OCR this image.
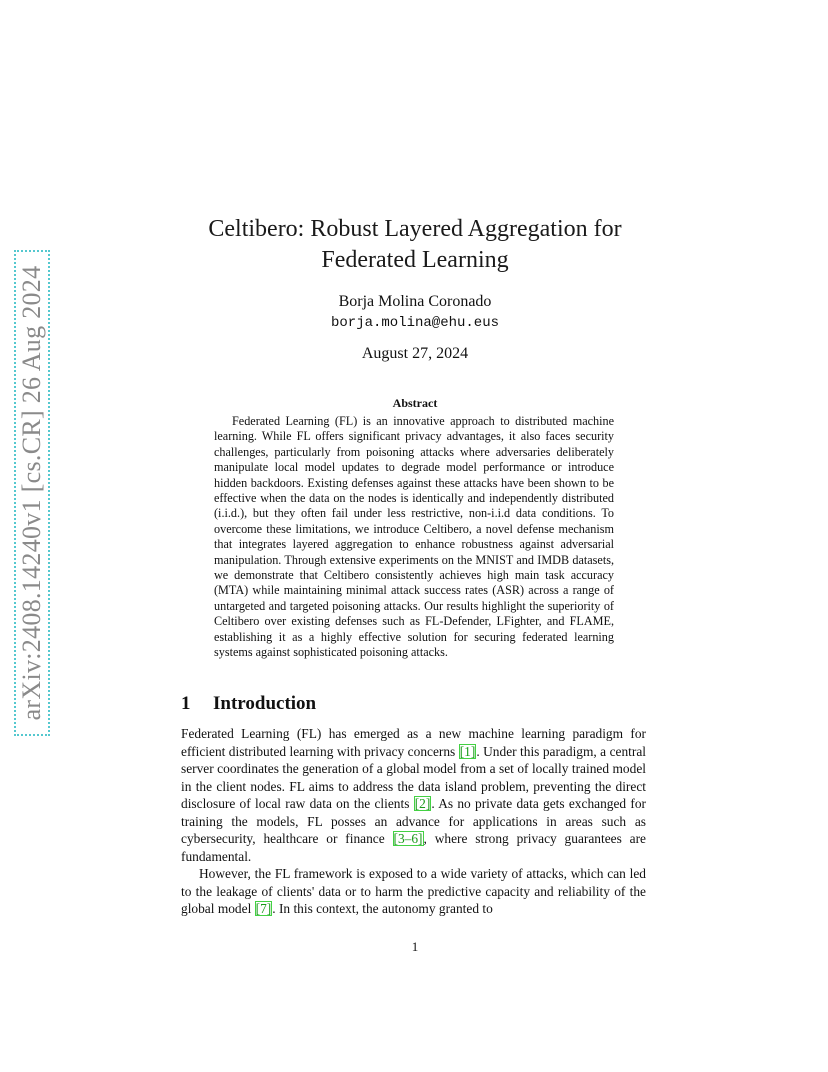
arXiv:2408.14240v1 [cs.CR] 26 Aug 2024
Celtibero: Robust Layered Aggregation for
Federated Learning
Borja Molina Coronado
borja.molina@ehu.eus
August 27, 2024
Abstract
Federated Learning (FL) is an innovative approach to distributed machine learning. While FL offers significant privacy advantages, it also faces security challenges, particularly from poisoning attacks where adversaries deliberately manipulate local model updates to degrade model performance or introduce hidden backdoors. Existing defenses against these attacks have been shown to be effective when the data on the nodes is identically and independently distributed (i.i.d.), but they often fail under less restrictive, non-i.i.d data conditions. To overcome these limitations, we introduce Celtibero, a novel defense mechanism that integrates layered aggregation to enhance robustness against adversarial manipulation. Through extensive experiments on the MNIST and IMDB datasets, we demonstrate that Celtibero consistently achieves high main task accuracy (MTA) while maintaining minimal attack success rates (ASR) across a range of untargeted and targeted poisoning attacks. Our results highlight the superiority of Celtibero over existing defenses such as FL-Defender, LFighter, and FLAME, establishing it as a highly effective solution for securing federated learning systems against sophisticated poisoning attacks.
1 Introduction

Federated Learning (FL) has emerged as a new machine learning paradigm for efficient distributed learning with privacy concerns [1]. Under this paradigm, a central server coordinates the generation of a global model from a set of locally trained model in the client nodes. FL aims to address the data island problem, preventing the direct disclosure of local raw data on the clients [2]. As no private data gets exchanged for training the models, FL posses an advance for applications in areas such as cybersecurity, healthcare or finance [3–6], where strong privacy guarantees are fundamental.

However, the FL framework is exposed to a wide variety of attacks, which can led to the leakage of clients' data or to harm the predictive capacity and reliability of the global model [7]. In this context, the autonomy granted to

1
